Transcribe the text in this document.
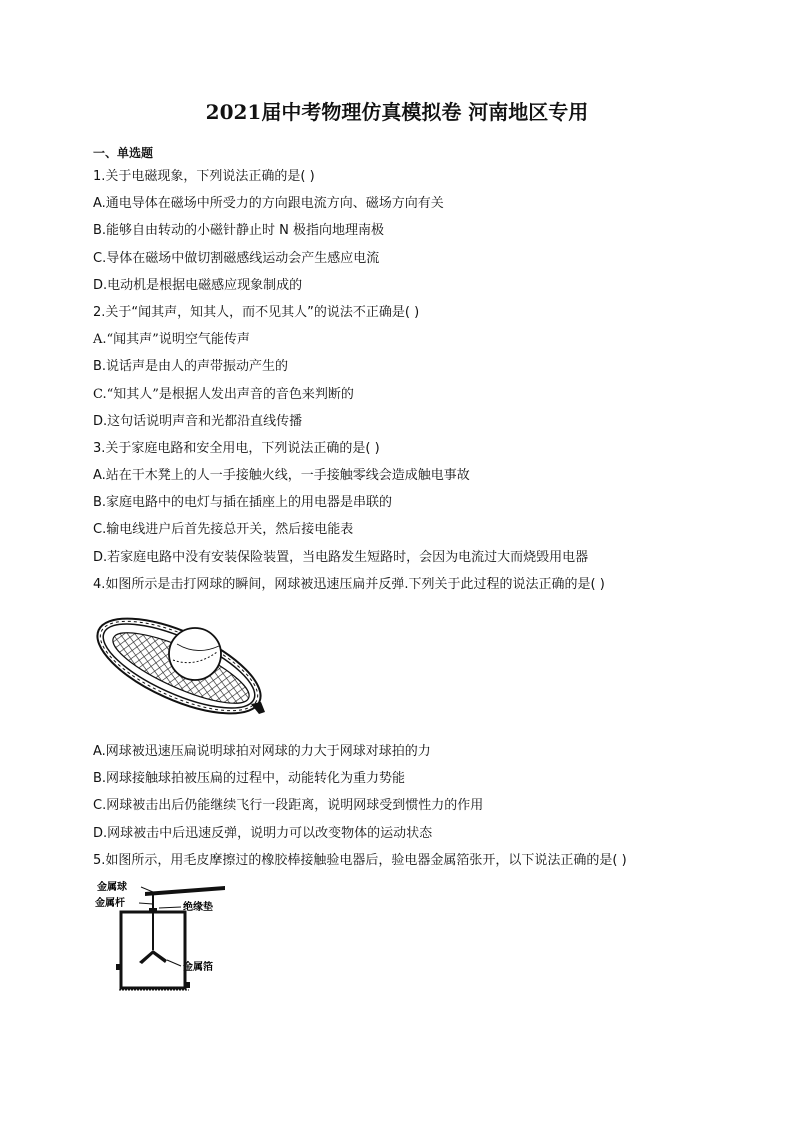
2021届中考物理仿真模拟卷 河南地区专用
一、单选题
1.关于电磁现象，下列说法正确的是( )
A.通电导体在磁场中所受力的方向跟电流方向、磁场方向有关
B.能够自由转动的小磁针静止时 N 极指向地理南极
C.导体在磁场中做切割磁感线运动会产生感应电流
D.电动机是根据电磁感应现象制成的
2.关于“闻其声，知其人，而不见其人”的说法不正确是( )
A.“闻其声”说明空气能传声
B.说话声是由人的声带振动产生的
C.“知其人”是根据人发出声音的音色来判断的
D.这句话说明声音和光都沿直线传播
3.关于家庭电路和安全用电，下列说法正确的是( )
A.站在干木凳上的人一手接触火线，一手接触零线会造成触电事故
B.家庭电路中的电灯与插在插座上的用电器是串联的
C.输电线进户后首先接总开关，然后接电能表
D.若家庭电路中没有安装保险装置，当电路发生短路时，会因为电流过大而烧毁用电器
4.如图所示是击打网球的瞬间，网球被迅速压扁并反弹.下列关于此过程的说法正确的是( )
A.网球被迅速压扁说明球拍对网球的力大于网球对球拍的力
B.网球接触球拍被压扁的过程中，动能转化为重力势能
C.网球被击出后仍能继续飞行一段距离，说明网球受到惯性力的作用
D.网球被击中后迅速反弹，说明力可以改变物体的运动状态
5.如图所示，用毛皮摩擦过的橡胶棒接触验电器后，验电器金属箔张开，以下说法正确的是( )
金属球
金属杆	绝缘垫
金属箔
